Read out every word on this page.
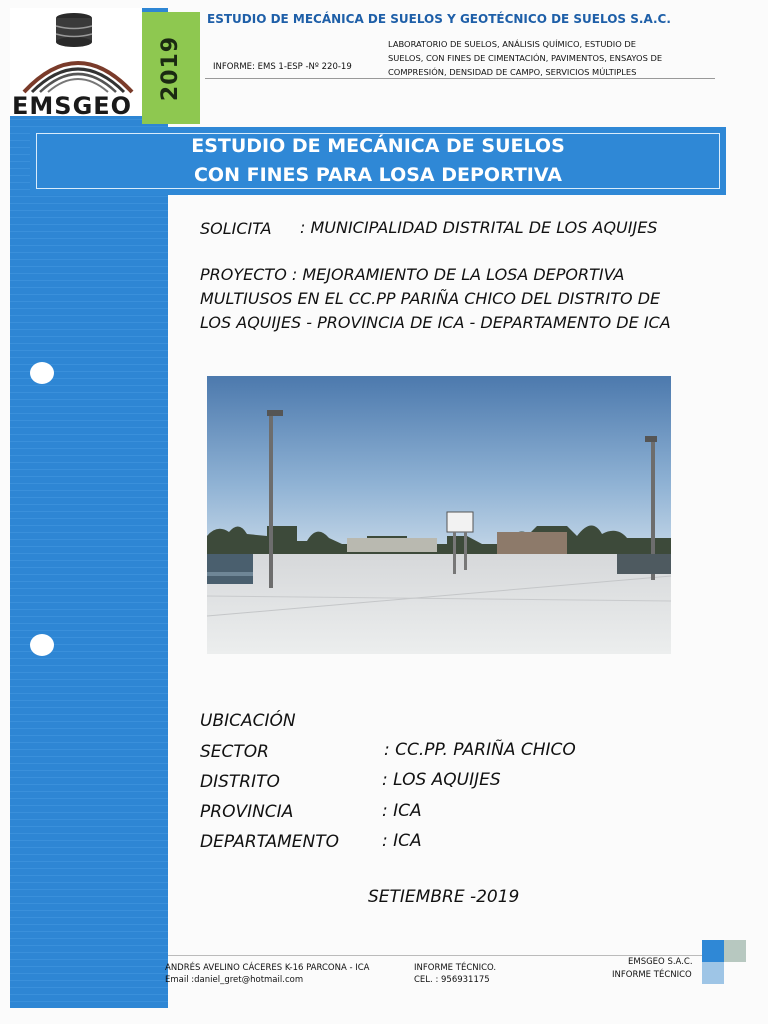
EMSGEO
2019
ESTUDIO DE MECÁNICA DE SUELOS Y GEOTÉCNICO DE SUELOS S.A.C.
INFORME: EMS 1-ESP -Nº 220-19
LABORATORIO DE SUELOS, ANÁLISIS QUÍMICO, ESTUDIO DE SUELOS, CON FINES DE CIMENTACIÓN, PAVIMENTOS, ENSAYOS DE COMPRESIÓN, DENSIDAD DE CAMPO, SERVICIOS MÚLTIPLES
ESTUDIO DE MECÁNICA DE SUELOS
CON FINES PARA LOSA DEPORTIVA
SOLICITA : MUNICIPALIDAD DISTRITAL DE LOS AQUIJES
PROYECTO : MEJORAMIENTO DE LA LOSA DEPORTIVA
MULTIUSOS EN EL CC.PP PARIÑA CHICO DEL DISTRITO DE
LOS AQUIJES - PROVINCIA DE ICA - DEPARTAMENTO DE ICA
UBICACIÓN
SECTOR	: CC.PP. PARIÑA CHICO
DISTRITO	: LOS AQUIJES
PROVINCIA	: ICA
DEPARTAMENTO	: ICA
SETIEMBRE -2019
ANDRÉS AVELINO CÁCERES K-16 PARCONA - ICA
Email :daniel_gret@hotmail.com
INFORME TÉCNICO.
CEL. : 956931175
EMSGEO S.A.C.
INFORME TÉCNICO
